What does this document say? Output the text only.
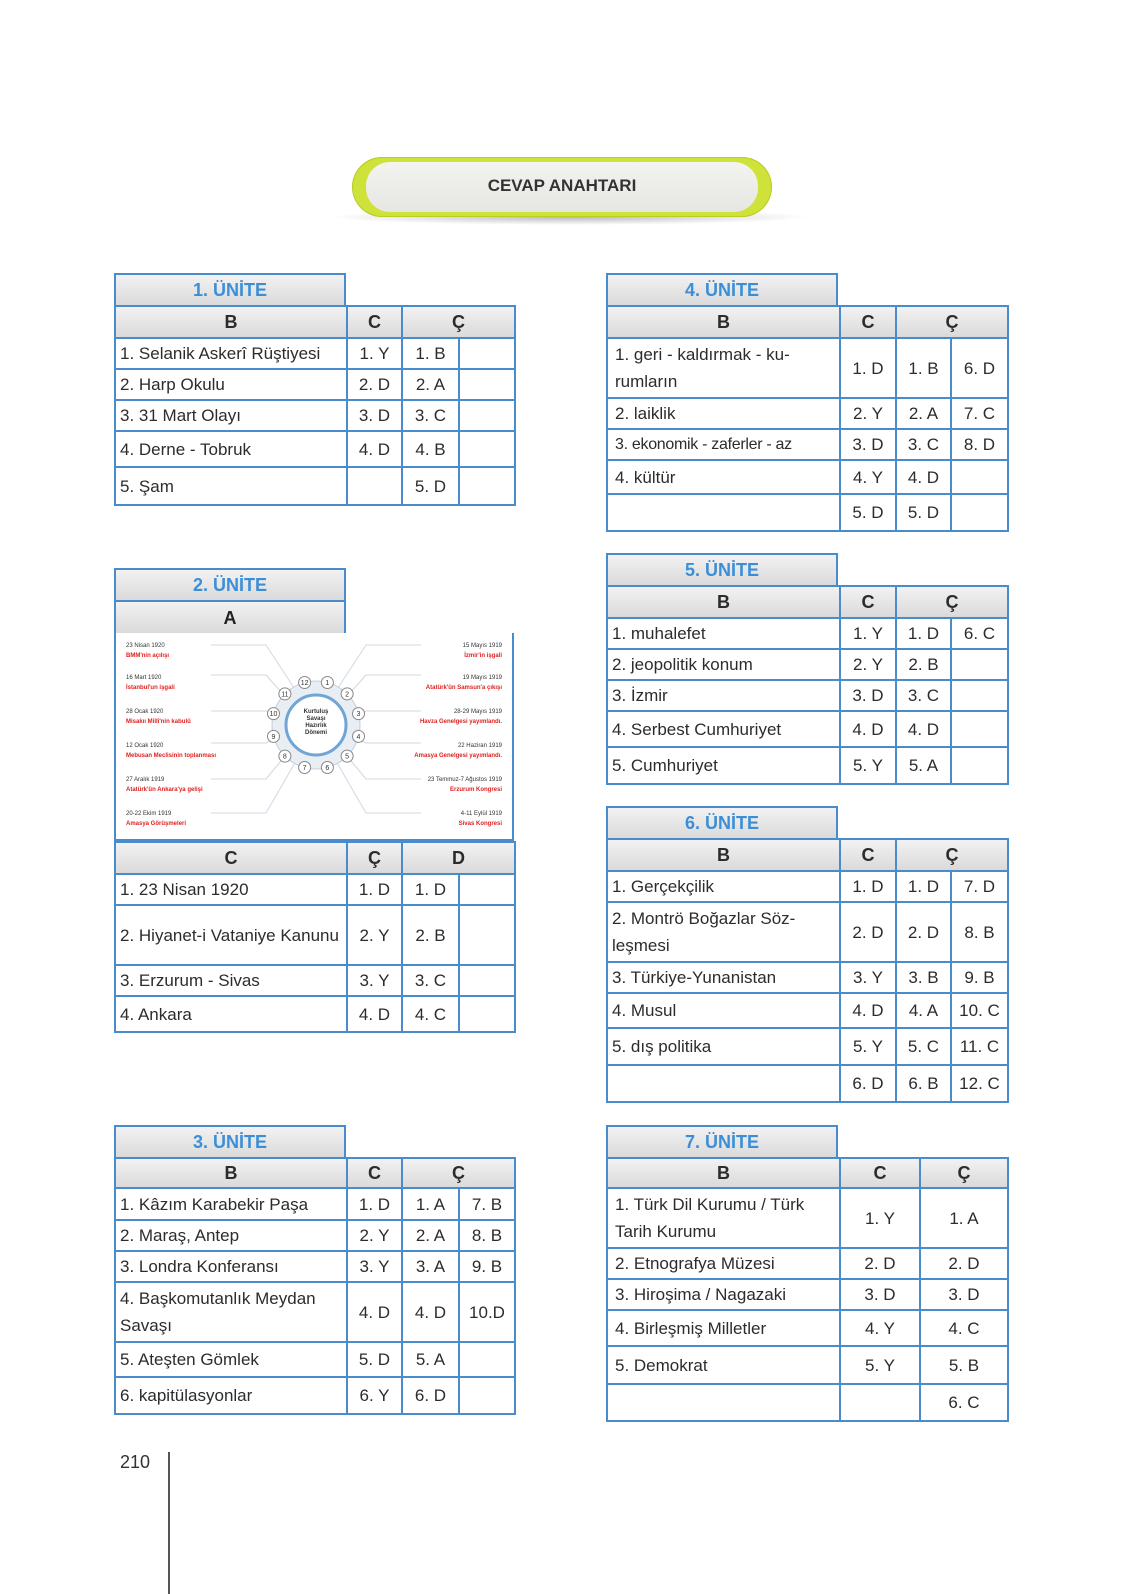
CEVAP ANAHTARI
1. ÜNİTE
B	C	Ç	
1. Selanik Askerî Rüştiyesi	1. Y	1. B	
2. Harp Okulu	2. D	2. A	
3. 31 Mart Olayı	3. D	3. C	
4. Derne - Tobruk	4. D	4. B	
5. Şam		5. D	
2. ÜNİTE
A
1
2
3
4
5
6
7
8
9
10
11
12
23 Nisan 1920
BMM'nin açılışı
16 Mart 1920
İstanbul'un işgali
28 Ocak 1920
Misakıı Millî'nin kabulü
12 Ocak 1920
Mebusan Meclisinin toplanması
27 Aralık 1919
Atatürk'ün Ankara'ya gelişi
20-22 Ekim 1919
Amasya Görüşmeleri
15 Mayıs 1919
İzmir'in işgali
19 Mayıs 1919
Atatürk'ün Samsun'a çıkışı
28-29 Mayıs 1919
Havza Genelgesi yayımlandı.
22 Haziran 1919
Amasya Genelgesi yayımlandı.
23 Temmuz-7 Ağustos 1919
Erzurum Kongresi
4-11 Eylül 1919
Sivas Kongresi
Kurtuluş
Savaşı
Hazırlık
Dönemi
C	Ç	D	
1. 23 Nisan 1920	1. D	1. D	
2. Hiyanet-i Vataniye Kanunu	2. Y	2. B	
3. Erzurum - Sivas	3. Y	3. C	
4. Ankara	4. D	4. C	
3. ÜNİTE
B	C	Ç	
1. Kâzım Karabekir Paşa	1. D	1. A	7. B
2. Maraş, Antep	2. Y	2. A	8. B
3. Londra Konferansı	3. Y	3. A	9. B
4. Başkomutanlık Meydan Savaşı	4. D	4. D	10.D
5. Ateşten Gömlek	5. D	5. A	
6. kapitülasyonlar	6. Y	6. D	
4. ÜNİTE
B	C	Ç	
1. geri - kaldırmak - ku-rumların	1. D	1. B	6. D
2. laiklik	2. Y	2. A	7. C
3. ekonomik - zaferler - az	3. D	3. C	8. D
4. kültür	4. Y	4. D	
	5. D	5. D	
5. ÜNİTE
B	C	Ç	
1. muhalefet	1. Y	1. D	6. C
2. jeopolitik konum	2. Y	2. B	
3. İzmir	3. D	3. C	
4. Serbest Cumhuriyet	4. D	4. D	
5. Cumhuriyet	5. Y	5. A	
6. ÜNİTE
B	C	Ç	
1. Gerçekçilik	1. D	1. D	7. D
2. Montrö Boğazlar Söz-leşmesi	2. D	2. D	8. B
3. Türkiye-Yunanistan	3. Y	3. B	9. B
4. Musul	4. D	4. A	10. C
5. dış politika	5. Y	5. C	11. C
	6. D	6. B	12. C
7. ÜNİTE
B	C	Ç
1. Türk Dil Kurumu / Türk Tarih Kurumu	1. Y	1. A
2. Etnografya Müzesi	2. D	2. D
3. Hiroşima / Nagazaki	3. D	3. D
4. Birleşmiş Milletler	4. Y	4. C
5. Demokrat	5. Y	5. B
		6. C
210
